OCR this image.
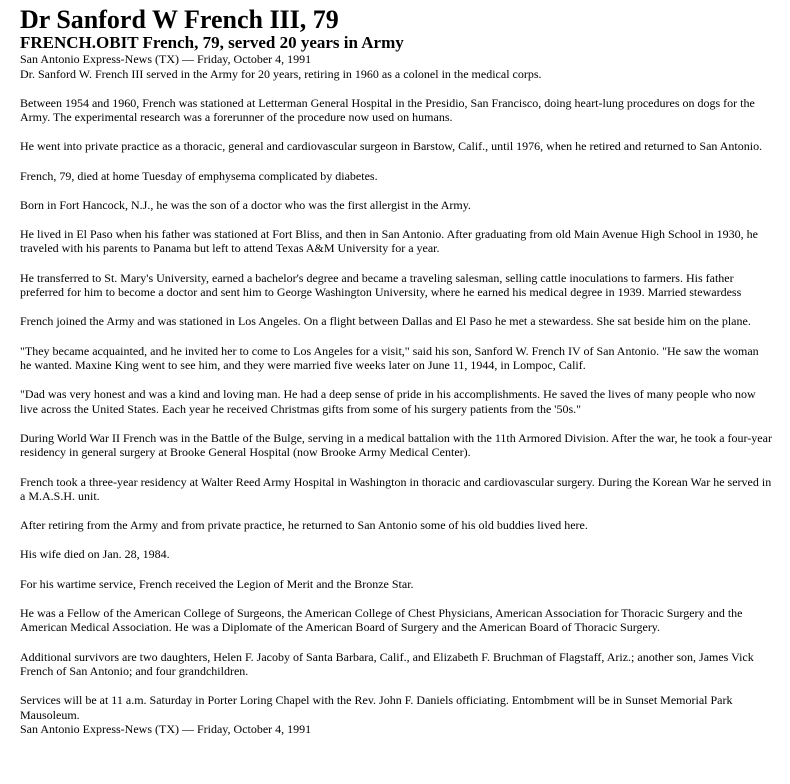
Dr Sanford W French III, 79
FRENCH.OBIT French, 79, served 20 years in Army
San Antonio Express-News (TX) — Friday, October 4, 1991

Dr. Sanford W. French III served in the Army for 20 years, retiring in 1960 as a colonel in the medical corps.

Between 1954 and 1960, French was stationed at Letterman General Hospital in the Presidio, San Francisco, doing heart-lung procedures on dogs for the Army. The experimental research was a forerunner of the procedure now used on humans.

He went into private practice as a thoracic, general and cardiovascular surgeon in Barstow, Calif., until 1976, when he retired and returned to San Antonio.

French, 79, died at home Tuesday of emphysema complicated by diabetes.

Born in Fort Hancock, N.J., he was the son of a doctor who was the first allergist in the Army.

He lived in El Paso when his father was stationed at Fort Bliss, and then in San Antonio. After graduating from old Main Avenue High School in 1930, he traveled with his parents to Panama but left to attend Texas A&M University for a year.

He transferred to St. Mary's University, earned a bachelor's degree and became a traveling salesman, selling cattle inoculations to farmers. His father preferred for him to become a doctor and sent him to George Washington University, where he earned his medical degree in 1939. Married stewardess

French joined the Army and was stationed in Los Angeles. On a flight between Dallas and El Paso he met a stewardess. She sat beside him on the plane.

"They became acquainted, and he invited her to come to Los Angeles for a visit," said his son, Sanford W. French IV of San Antonio. "He saw the woman he wanted. Maxine King went to see him, and they were married five weeks later on June 11, 1944, in Lompoc, Calif.

"Dad was very honest and was a kind and loving man. He had a deep sense of pride in his accomplishments. He saved the lives of many people who now live across the United States. Each year he received Christmas gifts from some of his surgery patients from the '50s."

During World War II French was in the Battle of the Bulge, serving in a medical battalion with the 11th Armored Division. After the war, he took a four-year residency in general surgery at Brooke General Hospital (now Brooke Army Medical Center).

French took a three-year residency at Walter Reed Army Hospital in Washington in thoracic and cardiovascular surgery. During the Korean War he served in a M.A.S.H. unit.

After retiring from the Army and from private practice, he returned to San Antonio some of his old buddies lived here.

His wife died on Jan. 28, 1984.

For his wartime service, French received the Legion of Merit and the Bronze Star.

He was a Fellow of the American College of Surgeons, the American College of Chest Physicians, American Association for Thoracic Surgery and the American Medical Association. He was a Diplomate of the American Board of Surgery and the American Board of Thoracic Surgery.

Additional survivors are two daughters, Helen F. Jacoby of Santa Barbara, Calif., and Elizabeth F. Bruchman of Flagstaff, Ariz.; another son, James Vick French of San Antonio; and four grandchildren.

Services will be at 11 a.m. Saturday in Porter Loring Chapel with the Rev. John F. Daniels officiating. Entombment will be in Sunset Memorial Park Mausoleum.

San Antonio Express-News (TX) — Friday, October 4, 1991
